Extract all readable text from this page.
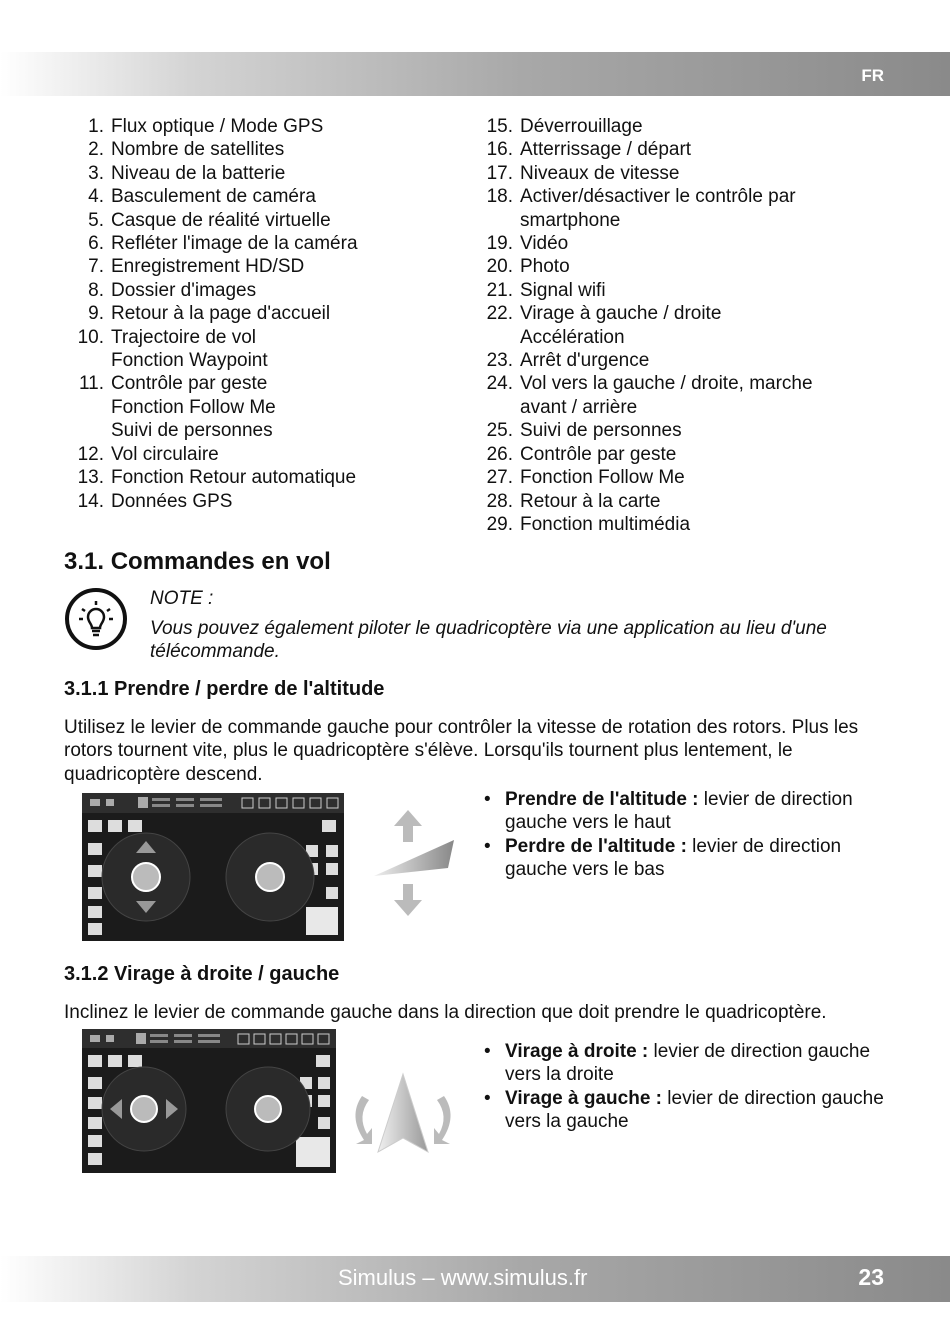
FR
1. Flux optique / Mode GPS
2. Nombre de satellites
3. Niveau de la batterie
4. Basculement de caméra
5. Casque de réalité virtuelle
6. Refléter l'image de la caméra
7. Enregistrement HD/SD
8. Dossier d'images
9. Retour à la page d'accueil
10. Trajectoire de vol
Fonction Waypoint
11. Contrôle par geste
Fonction Follow Me
Suivi de personnes
12. Vol circulaire
13. Fonction Retour automatique
14. Données GPS
15. Déverrouillage
16. Atterrissage / départ
17. Niveaux de vitesse
18. Activer/désactiver le contrôle par
smartphone
19. Vidéo
20. Photo
21. Signal wifi
22. Virage à gauche / droite
Accélération
23. Arrêt d'urgence
24. Vol vers la gauche / droite, marche
avant / arrière
25. Suivi de personnes
26. Contrôle par geste
27. Fonction Follow Me
28. Retour à la carte
29. Fonction multimédia
3.1. Commandes en vol
NOTE :
Vous pouvez également piloter le quadricoptère via une application au lieu d'une télécommande.
3.1.1 Prendre / perdre de l'altitude

Utilisez le levier de commande gauche pour contrôler la vitesse de rotation des rotors. Plus les rotors tournent vite, plus le quadricoptère s'élève. Lorsqu'ils tournent plus lentement, le quadricoptère descend.

• Prendre de l'altitude : levier de direction gauche vers le haut
• Perdre de l'altitude : levier de direction gauche vers le bas
3.1.2 Virage à droite / gauche

Inclinez le levier de commande gauche dans la direction que doit prendre le quadricoptère.

• Virage à droite : levier de direction gauche vers la droite
• Virage à gauche : levier de direction gauche vers la gauche
Simulus – www.simulus.fr	23
